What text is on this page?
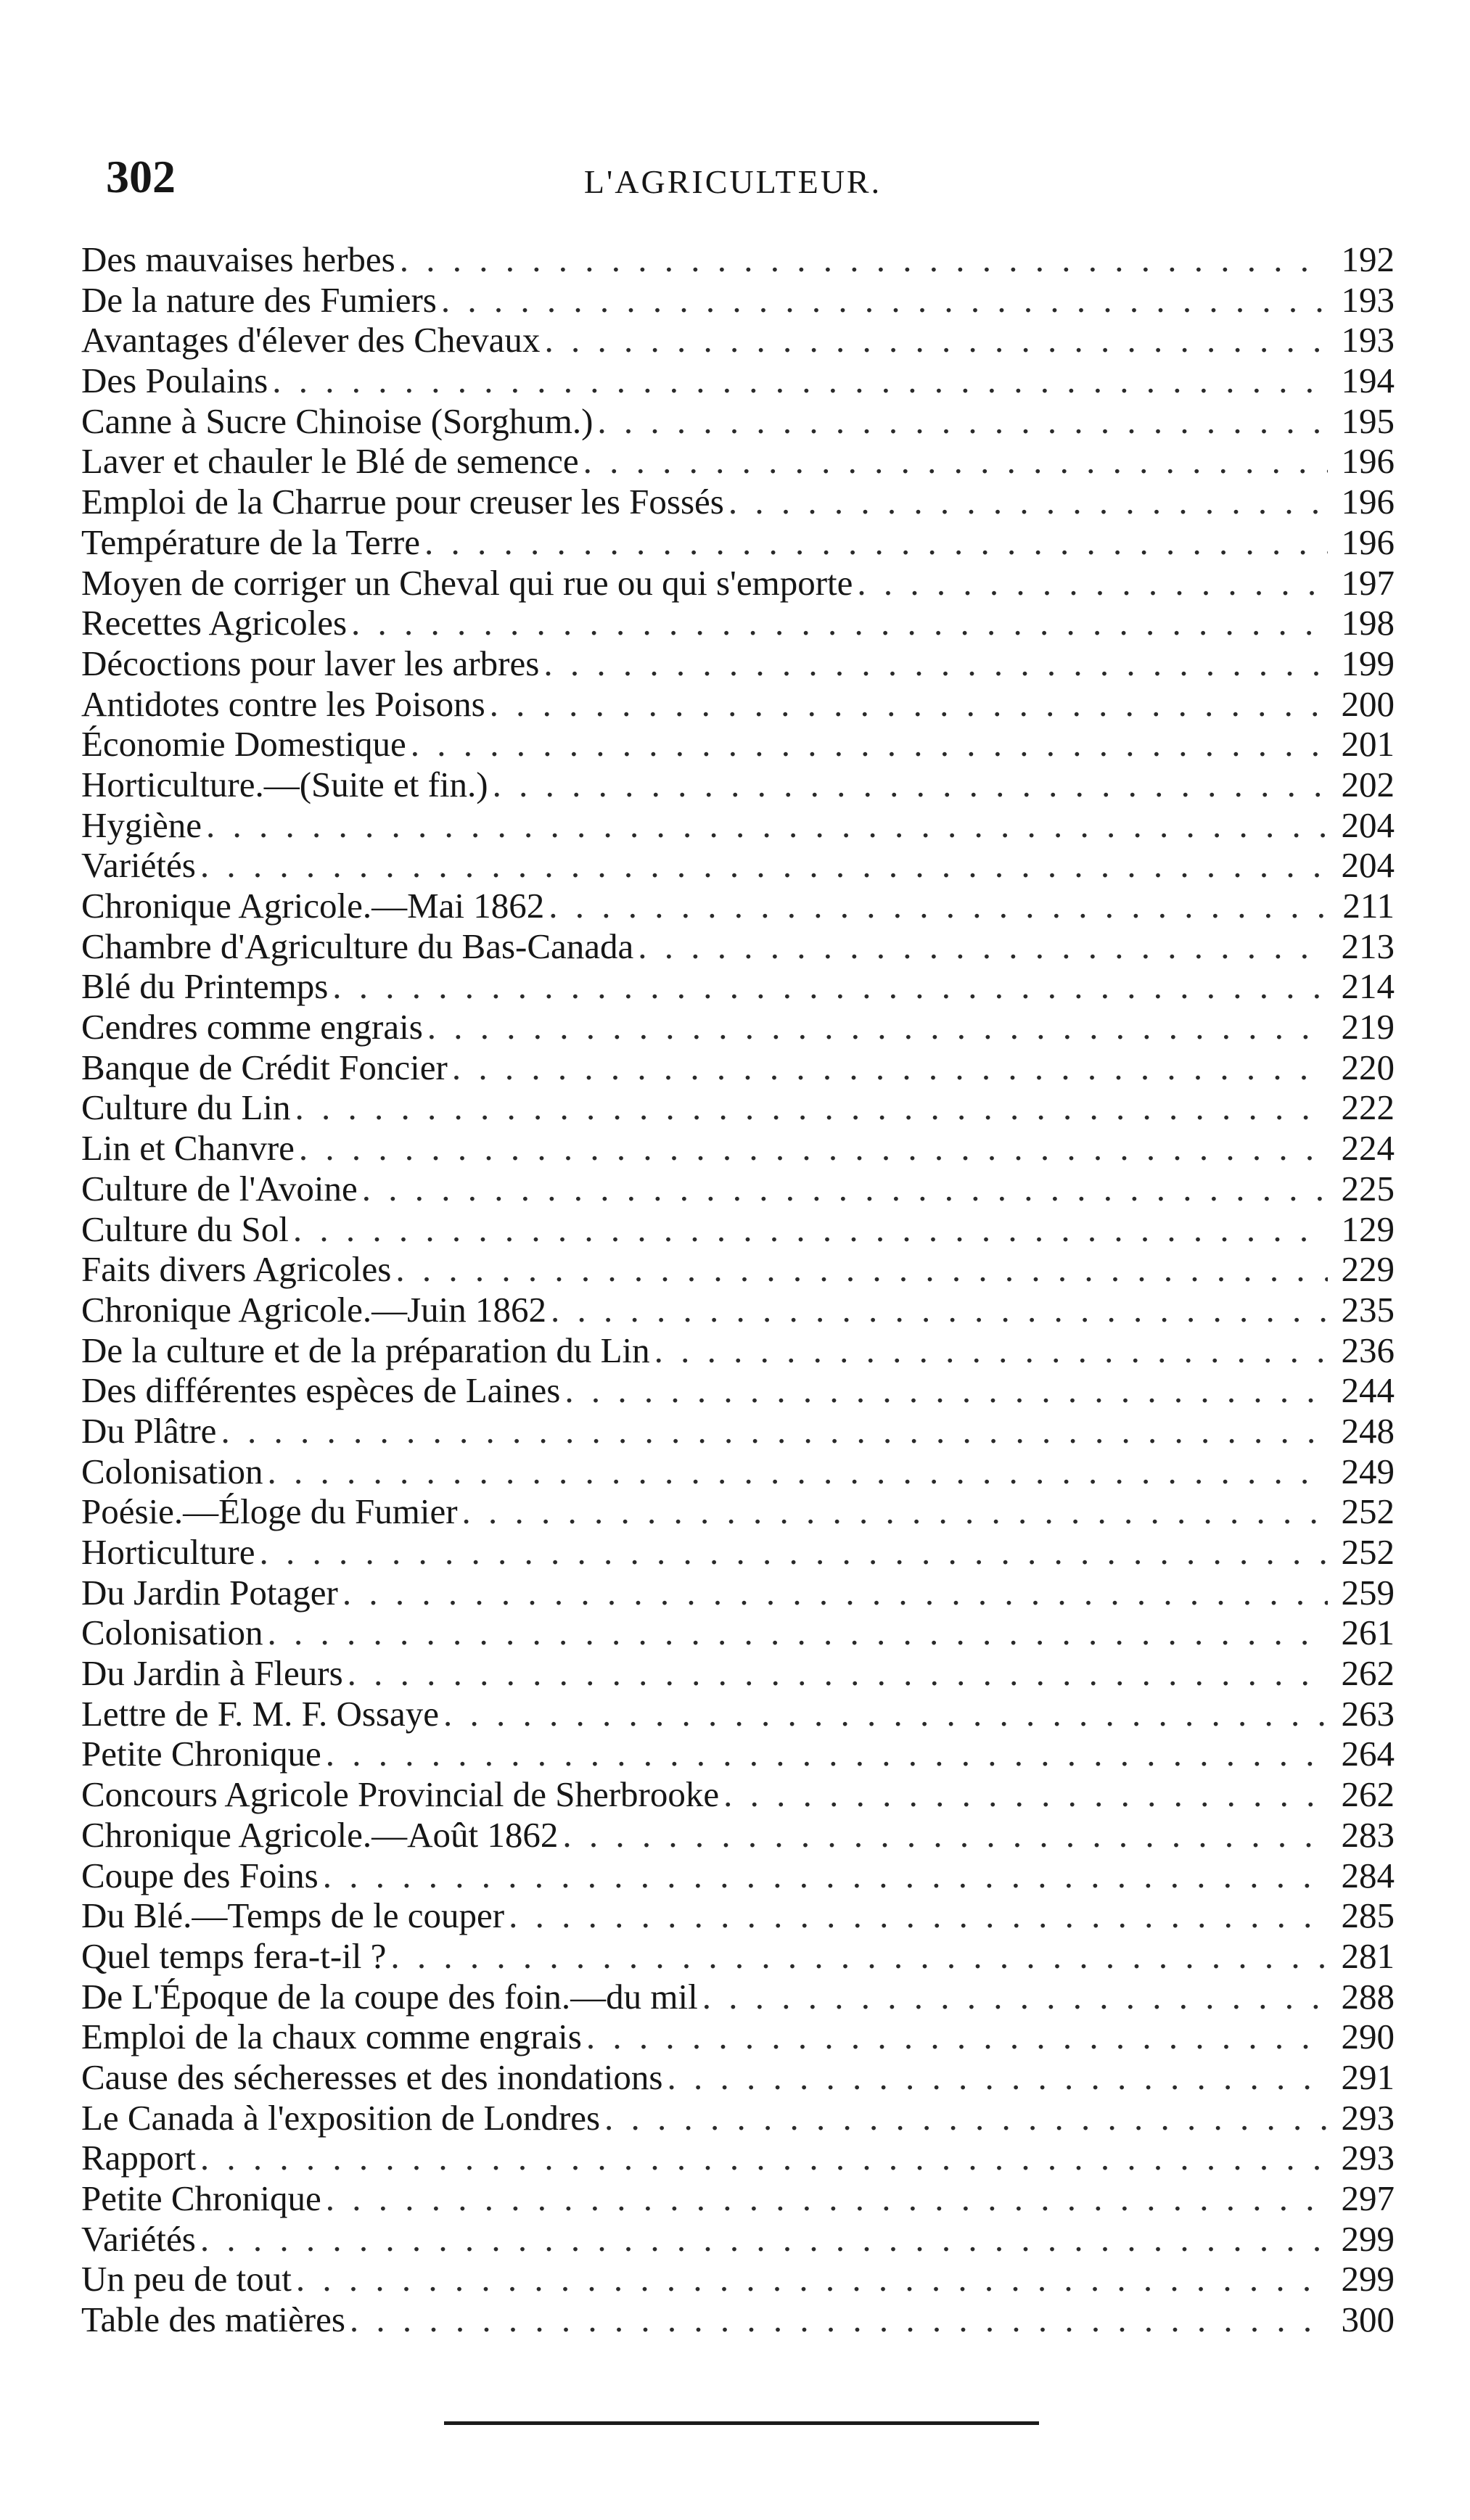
302	L'AGRICULTEUR.
Des mauvaises herbes . . .	192
De la nature des Fumiers . . .	193
Avantages d'élever des Chevaux . . .	193
Des Poulains . . .	194
Canne à Sucre Chinoise (Sorghum.) . . .	195
Laver et chauler le Blé de semence . . .	196
Emploi de la Charrue pour creuser les Fossés . . .	196
Température de la Terre . . .	196
Moyen de corriger un Cheval qui rue ou qui s'emporte . . .	197
Recettes Agricoles . . .	198
Décoctions pour laver les arbres . . .	199
Antidotes contre les Poisons . . .	200
Économie Domestique . . .	201
Horticulture.—(Suite et fin.) . . .	202
Hygiène . . .	204
Variétés . . .	204
Chronique Agricole.—Mai 1862 . . .	211
Chambre d'Agriculture du Bas-Canada . . .	213
Blé du Printemps . . .	214
Cendres comme engrais . . .	219
Banque de Crédit Foncier . . .	220
Culture du Lin . . .	222
Lin et Chanvre . . .	224
Culture de l'Avoine . . .	225
Culture du Sol . . .	129
Faits divers Agricoles . . .	229
Chronique Agricole.—Juin 1862 . . .	235
De la culture et de la préparation du Lin . . .	236
Des différentes espèces de Laines . . .	244
Du Plâtre . . .	248
Colonisation . . .	249
Poésie.—Éloge du Fumier . . .	252
Horticulture . . .	252
Du Jardin Potager . . .	259
Colonisation . . .	261
Du Jardin à Fleurs . . .	262
Lettre de F. M. F. Ossaye . . .	263
Petite Chronique . . .	264
Concours Agricole Provincial de Sherbrooke . . .	262
Chronique Agricole.—Août 1862 . . .	283
Coupe des Foins . . .	284
Du Blé.—Temps de le couper . . .	285
Quel temps fera-t-il ? . . .	281
De L'Époque de la coupe des foin.—du mil . . .	288
Emploi de la chaux comme engrais . . .	290
Cause des sécheresses et des inondations . . .	291
Le Canada à l'exposition de Londres . . .	293
Rapport . . .	293
Petite Chronique . . .	297
Variétés . . .	299
Un peu de tout . . .	299
Table des matières . . .	300
